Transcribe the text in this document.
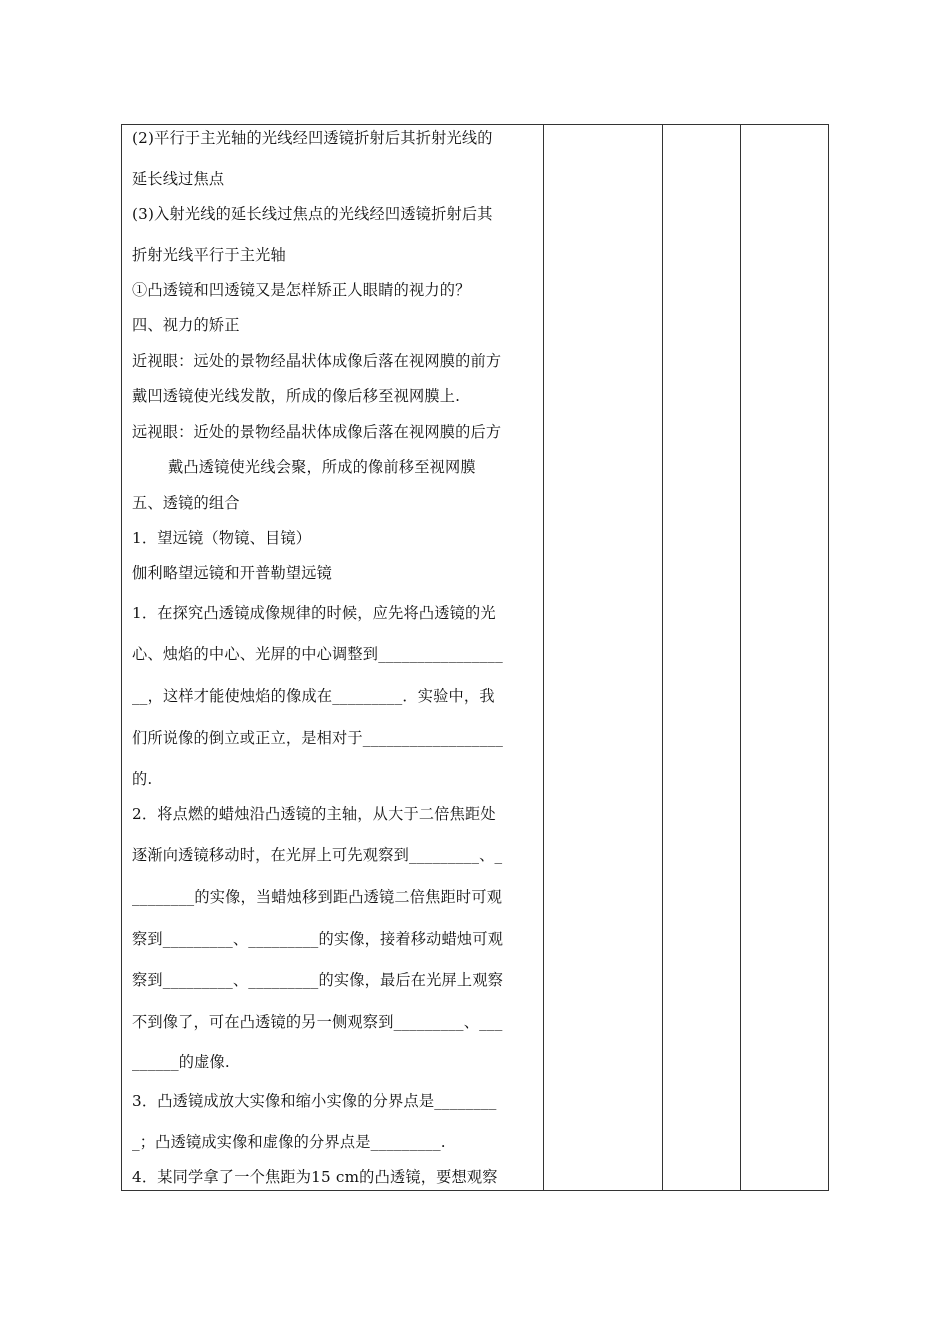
(2)平行于主光轴的光线经凹透镜折射后其折射光线的
延长线过焦点
(3)入射光线的延长线过焦点的光线经凹透镜折射后其
折射光线平行于主光轴
①凸透镜和凹透镜又是怎样矫正人眼睛的视力的？
四、视力的矫正
近视眼：远处的景物经晶状体成像后落在视网膜的前方
戴凹透镜使光线发散，所成的像后移至视网膜上.
远视眼：近处的景物经晶状体成像后落在视网膜的后方
戴凸透镜使光线会聚，所成的像前移至视网膜
五、透镜的组合
1．望远镜（物镜、目镜）
伽利略望远镜和开普勒望远镜
1．在探究凸透镜成像规律的时候，应先将凸透镜的光
心、烛焰的中心、光屏的中心调整到________________
__，这样才能使烛焰的像成在_________．实验中，我
们所说像的倒立或正立，是相对于__________________
的.
2．将点燃的蜡烛沿凸透镜的主轴，从大于二倍焦距处
逐渐向透镜移动时，在光屏上可先观察到_________、_
________的实像，当蜡烛移到距凸透镜二倍焦距时可观
察到_________、_________的实像，接着移动蜡烛可观
察到_________、_________的实像，最后在光屏上观察
不到像了，可在凸透镜的另一侧观察到_________、___
______的虚像.
3．凸透镜成放大实像和缩小实像的分界点是________
_；凸透镜成实像和虚像的分界点是_________.
4．某同学拿了一个焦距为15 cm的凸透镜，要想观察
